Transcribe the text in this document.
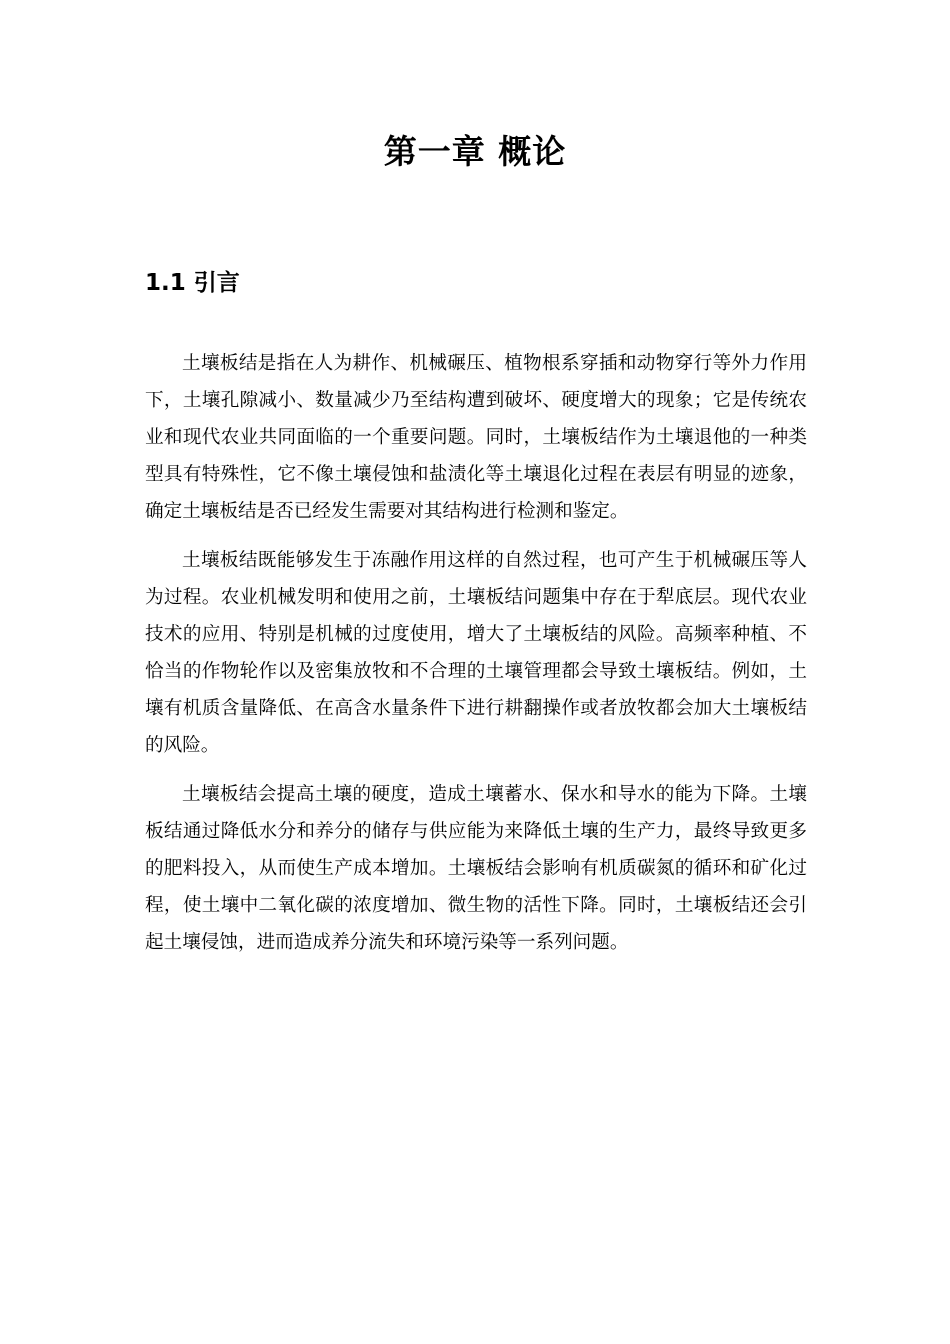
第一章 概论
1.1 引言

土壤板结是指在人为耕作、机械碾压、植物根系穿插和动物穿行等外力作用下，土壤孔隙减小、数量减少乃至结构遭到破坏、硬度增大的现象；它是传统农业和现代农业共同面临的一个重要问题。同时，土壤板结作为土壤退他的一种类型具有特殊性，它不像土壤侵蚀和盐渍化等土壤退化过程在表层有明显的迹象，确定土壤板结是否已经发生需要对其结构进行检测和鉴定。

土壤板结既能够发生于冻融作用这样的自然过程，也可产生于机械碾压等人为过程。农业机械发明和使用之前，土壤板结问题集中存在于犁底层。现代农业技术的应用、特别是机械的过度使用，增大了土壤板结的风险。高频率种植、不恰当的作物轮作以及密集放牧和不合理的土壤管理都会导致土壤板结。例如，土壤有机质含量降低、在高含水量条件下进行耕翻操作或者放牧都会加大土壤板结的风险。

土壤板结会提高土壤的硬度，造成土壤蓄水、保水和导水的能为下降。土壤板结通过降低水分和养分的储存与供应能为来降低土壤的生产力，最终导致更多的肥料投入，从而使生产成本增加。土壤板结会影响有机质碳氮的循环和矿化过程，使土壤中二氧化碳的浓度增加、微生物的活性下降。同时，土壤板结还会引起土壤侵蚀，进而造成养分流失和环境污染等一系列问题。
